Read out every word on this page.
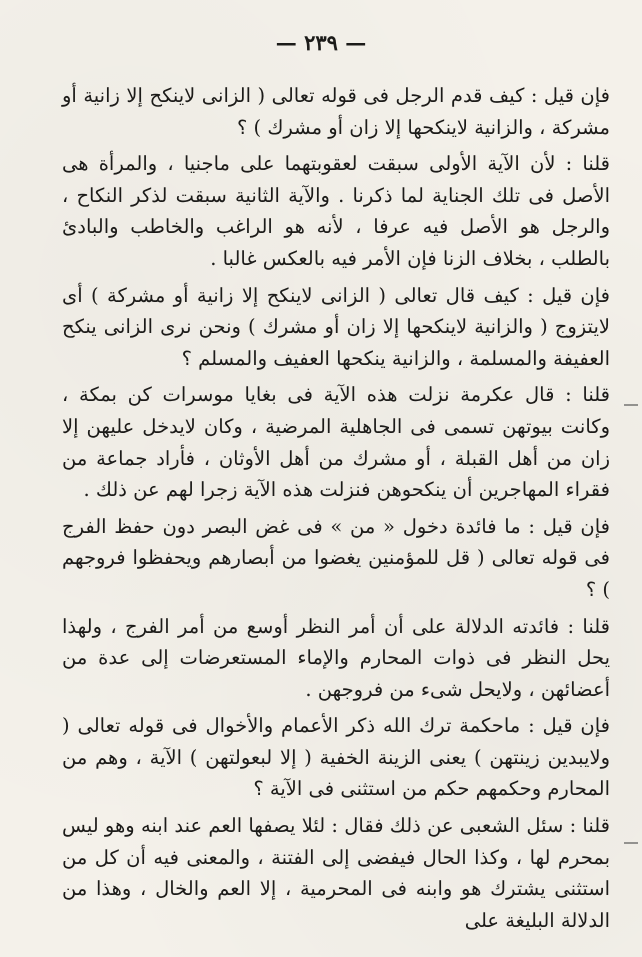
— ٢٣٩ —

فإن قيل : كيف قدم الرجل فى قوله تعالى ( الزانى لاينكح إلا زانية أو مشركة ، والزانية لاينكحها إلا زان أو مشرك ) ؟

قلنا : لأن الآية الأولى سبقت لعقوبتهما على ماجنيا ، والمرأة هى الأصل فى تلك الجناية لما ذكرنا . والآية الثانية سبقت لذكر النكاح ، والرجل هو الأصل فيه عرفا ، لأنه هو الراغب والخاطب والبادئ بالطلب ، بخلاف الزنا فإن الأمر فيه بالعكس غالبا .

فإن قيل : كيف قال تعالى ( الزانى لاينكح إلا زانية أو مشركة ) أى لايتزوج ( والزانية لاينكحها إلا زان أو مشرك ) ونحن نرى الزانى ينكح العفيفة والمسلمة ، والزانية ينكحها العفيف والمسلم ؟

قلنا : قال عكرمة نزلت هذه الآية فى بغايا موسرات كن بمكة ، وكانت بيوتهن تسمى فى الجاهلية المرضية ، وكان لايدخل عليهن إلا زان من أهل القبلة ، أو مشرك من أهل الأوثان ، فأراد جماعة من فقراء المهاجرين أن ينكحوهن فنزلت هذه الآية زجرا لهم عن ذلك .

فإن قيل : ما فائدة دخول « من » فى غض البصر دون حفظ الفرج فى قوله تعالى ( قل للمؤمنين يغضوا من أبصارهم ويحفظوا فروجهم ) ؟

قلنا : فائدته الدلالة على أن أمر النظر أوسع من أمر الفرج ، ولهذا يحل النظر فى ذوات المحارم والإماء المستعرضات إلى عدة من أعضائهن ، ولايحل شىء من فروجهن .

فإن قيل : ماحكمة ترك الله ذكر الأعمام والأخوال فى قوله تعالى ( ولايبدين زينتهن ) يعنى الزينة الخفية ( إلا لبعولتهن ) الآية ، وهم من المحارم وحكمهم حكم من استثنى فى الآية ؟

قلنا : سئل الشعبى عن ذلك فقال : لئلا يصفها العم عند ابنه وهو ليس بمحرم لها ، وكذا الحال فيفضى إلى الفتنة ، والمعنى فيه أن كل من استثنى يشترك هو وابنه فى المحرمية ، إلا العم والخال ، وهذا من الدلالة البليغة على
